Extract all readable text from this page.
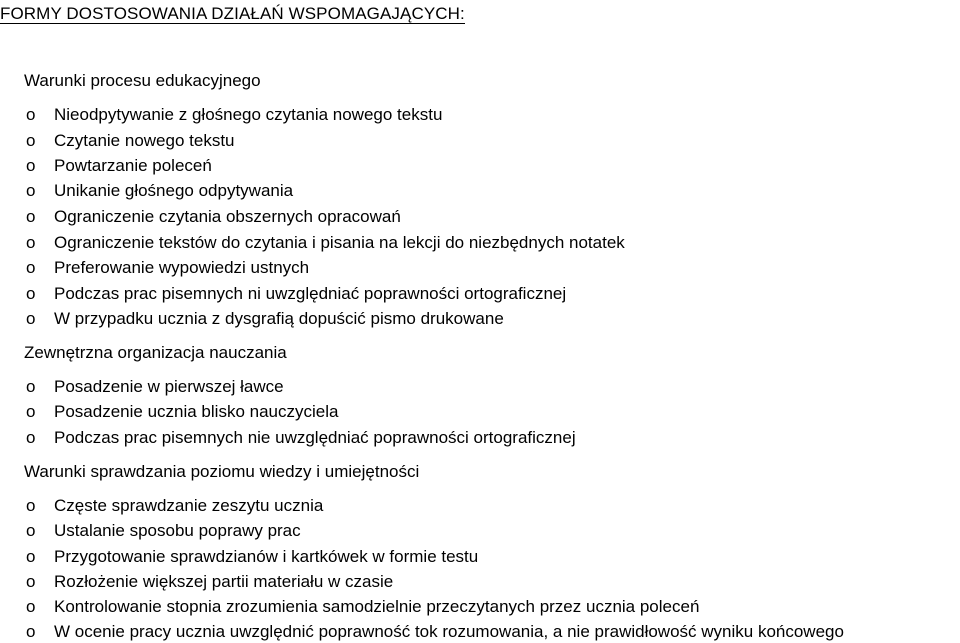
FORMY DOSTOSOWANIA DZIAŁAŃ WSPOMAGAJĄCYCH:
Warunki procesu edukacyjnego
o Nieodpytywanie z głośnego czytania nowego tekstu
o Czytanie nowego tekstu
o Powtarzanie poleceń
o Unikanie głośnego odpytywania
o Ograniczenie czytania obszernych opracowań
o Ograniczenie tekstów do czytania i pisania na lekcji do niezbędnych notatek
o Preferowanie wypowiedzi ustnych
o Podczas prac pisemnych ni uwzględniać poprawności ortograficznej
o W przypadku ucznia z dysgrafią dopuścić pismo drukowane
Zewnętrzna organizacja nauczania
o Posadzenie w pierwszej ławce
o Posadzenie ucznia blisko nauczyciela
o Podczas prac pisemnych nie uwzględniać poprawności ortograficznej
Warunki sprawdzania poziomu wiedzy i umiejętności
o Częste sprawdzanie zeszytu ucznia
o Ustalanie sposobu poprawy prac
o Przygotowanie sprawdzianów i kartkówek w formie testu
o Rozłożenie większej partii materiału w czasie
o Kontrolowanie stopnia zrozumienia samodzielnie przeczytanych przez ucznia poleceń
o W ocenie pracy ucznia uwzględnić poprawność tok rozumowania, a nie prawidłowość wyniku końcowego
